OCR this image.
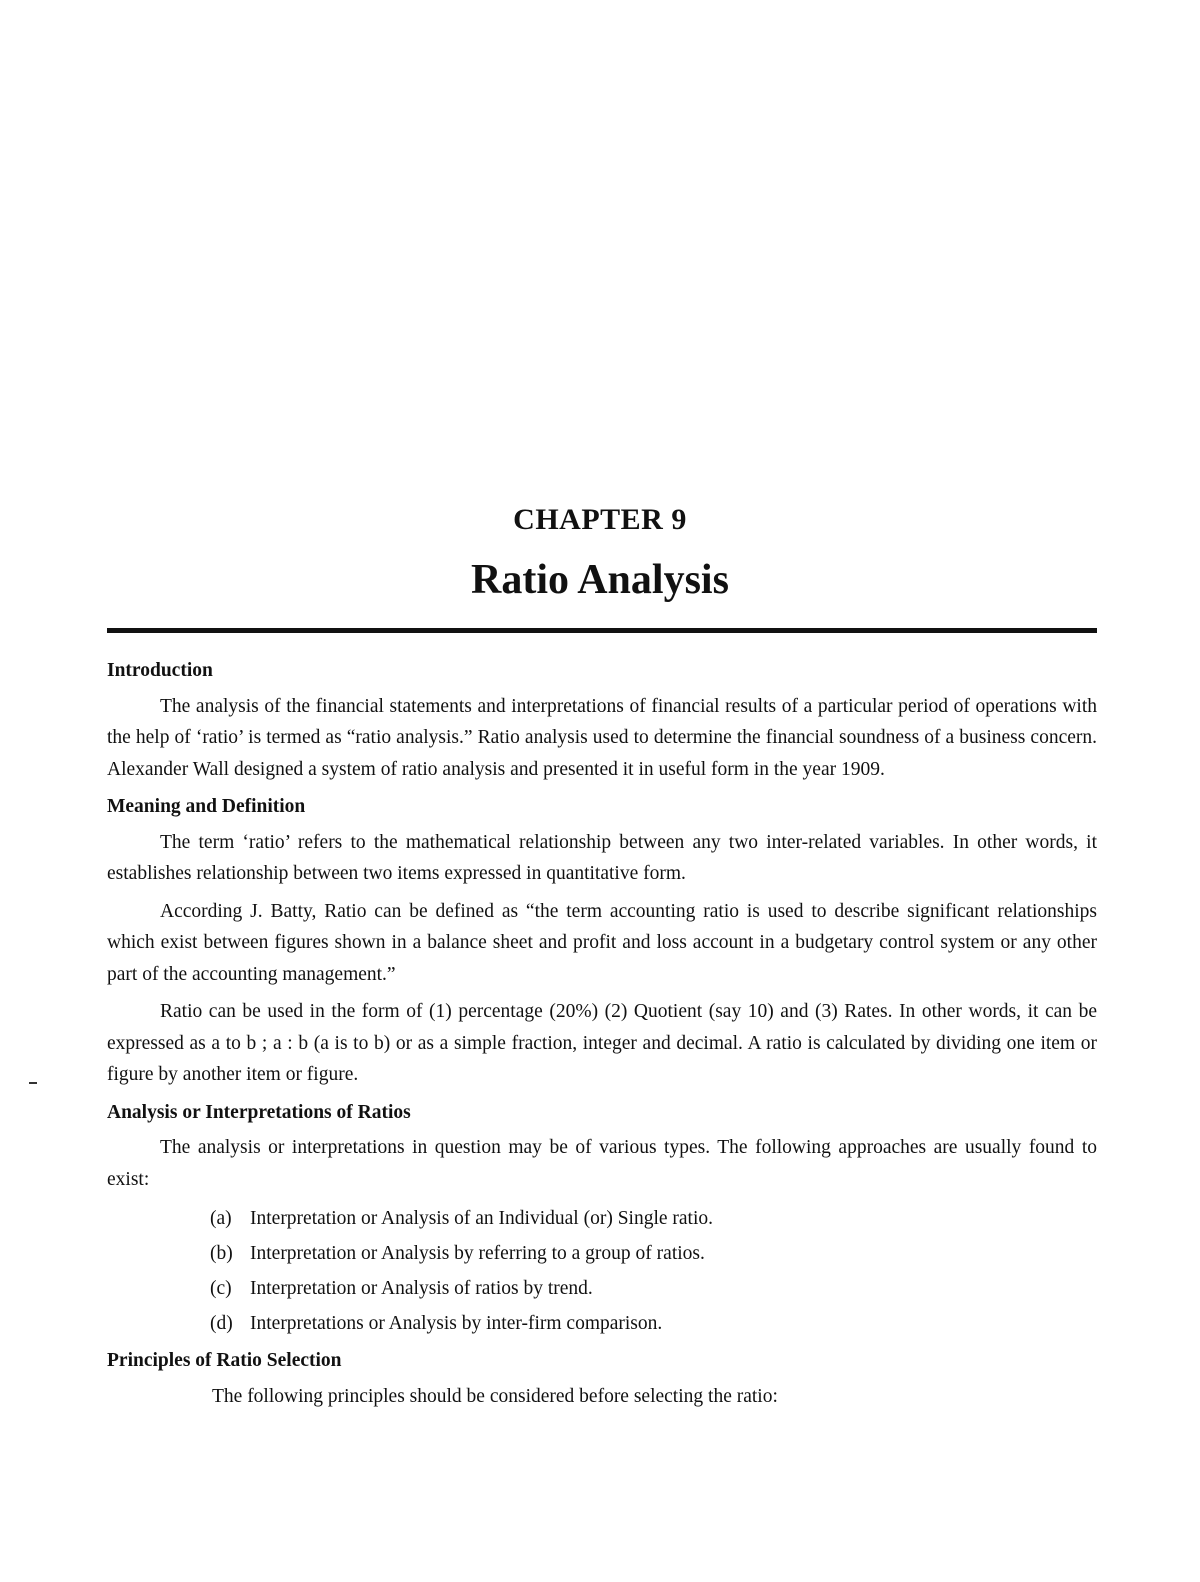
CHAPTER 9
Ratio Analysis
Introduction

The analysis of the financial statements and interpretations of financial results of a particular period of operations with the help of ‘ratio’ is termed as “ratio analysis.” Ratio analysis used to determine the financial soundness of a business concern. Alexander Wall designed a system of ratio analysis and presented it in useful form in the year 1909.

Meaning and Definition

The term ‘ratio’ refers to the mathematical relationship between any two inter-related variables. In other words, it establishes relationship between two items expressed in quantitative form.

According J. Batty, Ratio can be defined as “the term accounting ratio is used to describe significant relationships which exist between figures shown in a balance sheet and profit and loss account in a budgetary control system or any other part of the accounting management.”

Ratio can be used in the form of (1) percentage (20%) (2) Quotient (say 10) and (3) Rates. In other words, it can be expressed as a to b ; a : b (a is to b) or as a simple fraction, integer and decimal. A ratio is calculated by dividing one item or figure by another item or figure.

Analysis or Interpretations of Ratios

The analysis or interpretations in question may be of various types. The following approaches are usually found to exist:

(a) Interpretation or Analysis of an Individual (or) Single ratio.
(b) Interpretation or Analysis by referring to a group of ratios.
(c) Interpretation or Analysis of ratios by trend.
(d) Interpretations or Analysis by inter-firm comparison.
Principles of Ratio Selection

The following principles should be considered before selecting the ratio:
